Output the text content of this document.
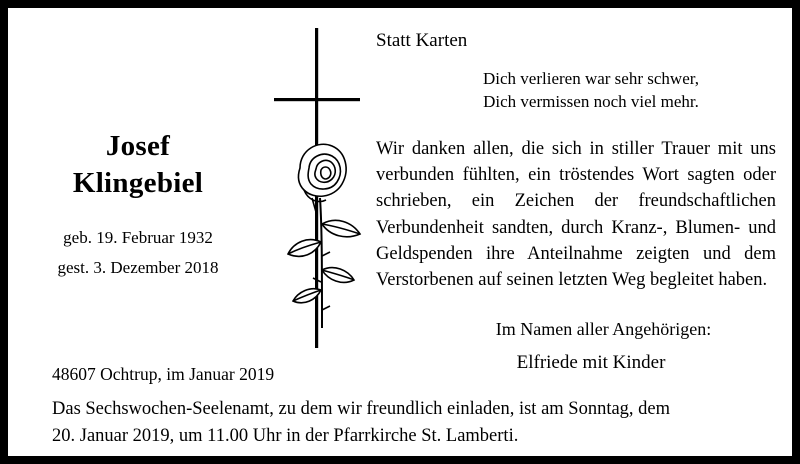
Josef
Klingebiel
geb. 19. Februar 1932
gest. 3. Dezember 2018

Statt Karten

Dich verlieren war sehr schwer,
Dich vermissen noch viel mehr.

Wir danken allen, die sich in stiller Trauer mit uns verbunden fühlten, ein tröstendes Wort sagten oder schrieben, ein Zeichen der freundschaftlichen Verbundenheit sandten, durch Kranz-, Blumen- und Geldspenden ihre Anteilnahme zeigten und dem Verstorbenen auf seinen letzten Weg begleitet haben.

Im Namen aller Angehörigen:

Elfriede mit Kinder

48607 Ochtrup, im Januar 2019
Das Sechswochen-Seelenamt, zu dem wir freundlich einladen, ist am Sonntag, dem
20. Januar 2019, um 11.00 Uhr in der Pfarrkirche St. Lamberti.
